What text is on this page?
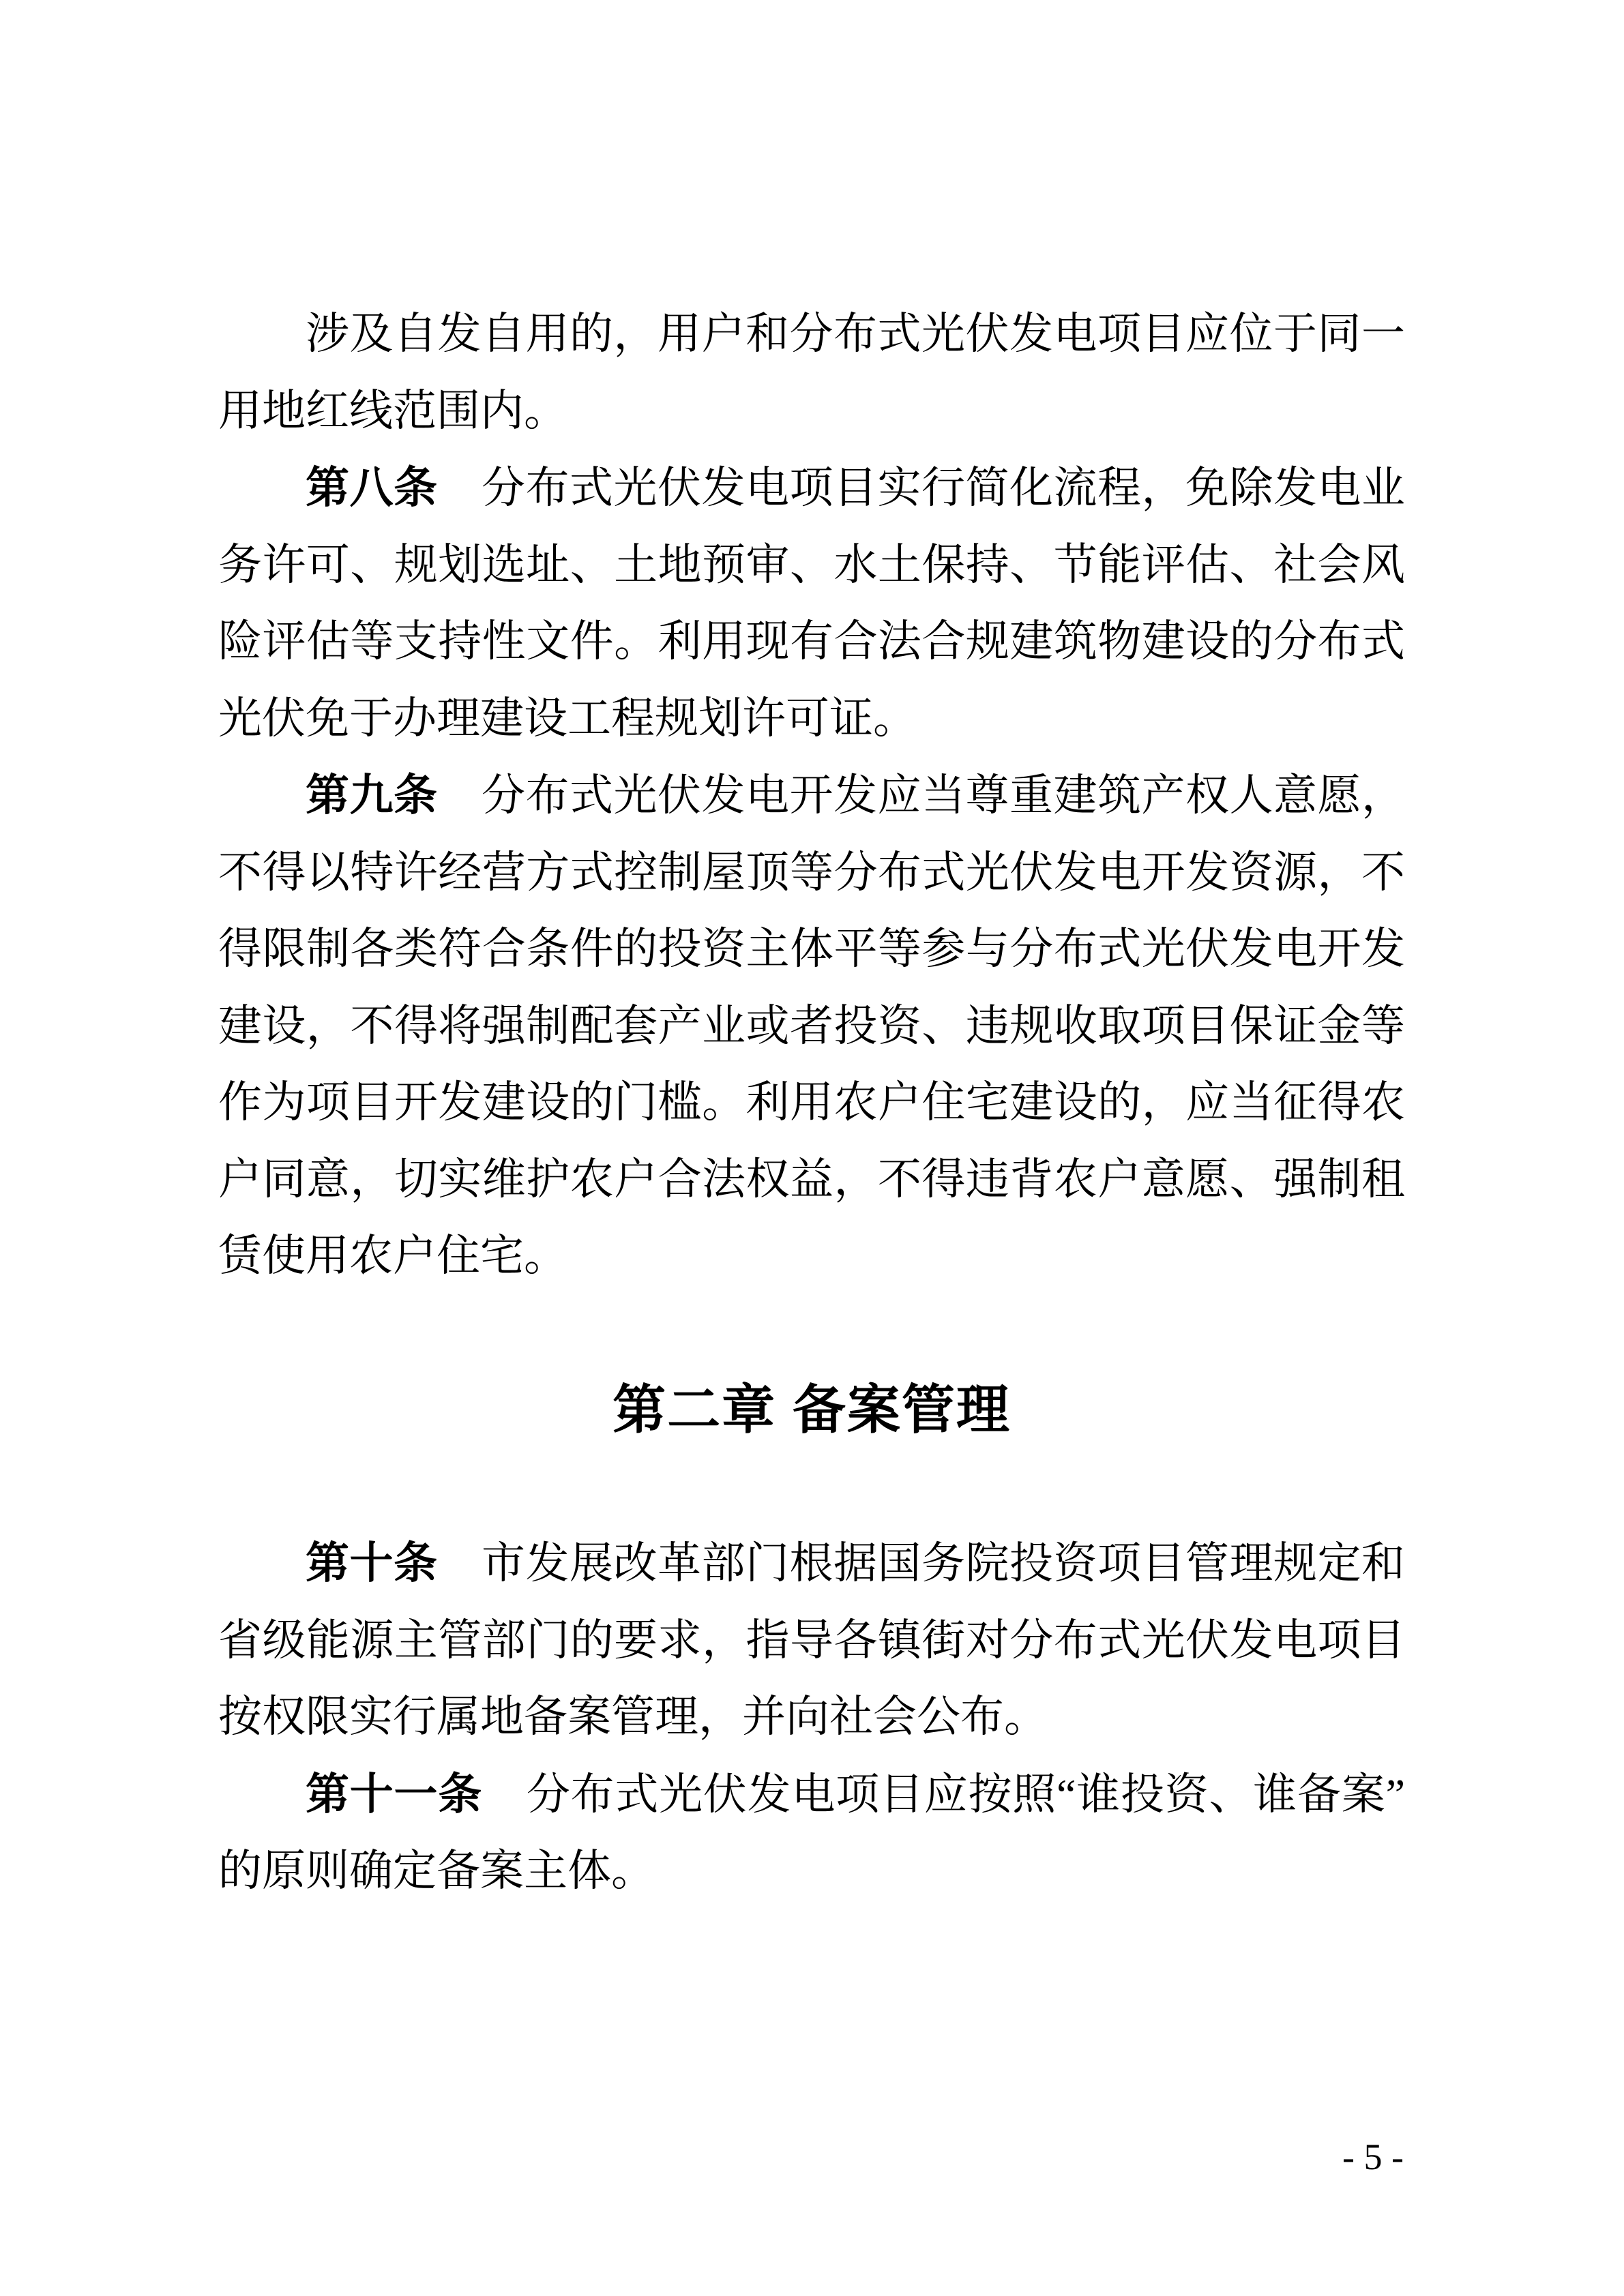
涉及自发自用的，用户和分布式光伏发电项目应位于同一用地红线范围内。

第八条　分布式光伏发电项目实行简化流程，免除发电业务许可、规划选址、土地预审、水土保持、节能评估、社会风险评估等支持性文件。利用现有合法合规建筑物建设的分布式光伏免于办理建设工程规划许可证。

第九条　分布式光伏发电开发应当尊重建筑产权人意愿，不得以特许经营方式控制屋顶等分布式光伏发电开发资源，不得限制各类符合条件的投资主体平等参与分布式光伏发电开发建设，不得将强制配套产业或者投资、违规收取项目保证金等作为项目开发建设的门槛。利用农户住宅建设的，应当征得农户同意，切实维护农户合法权益，不得违背农户意愿、强制租赁使用农户住宅。

第二章 备案管理

第十条　市发展改革部门根据国务院投资项目管理规定和省级能源主管部门的要求，指导各镇街对分布式光伏发电项目按权限实行属地备案管理，并向社会公布。

第十一条　分布式光伏发电项目应按照“谁投资、谁备案”的原则确定备案主体。

- 5 -
